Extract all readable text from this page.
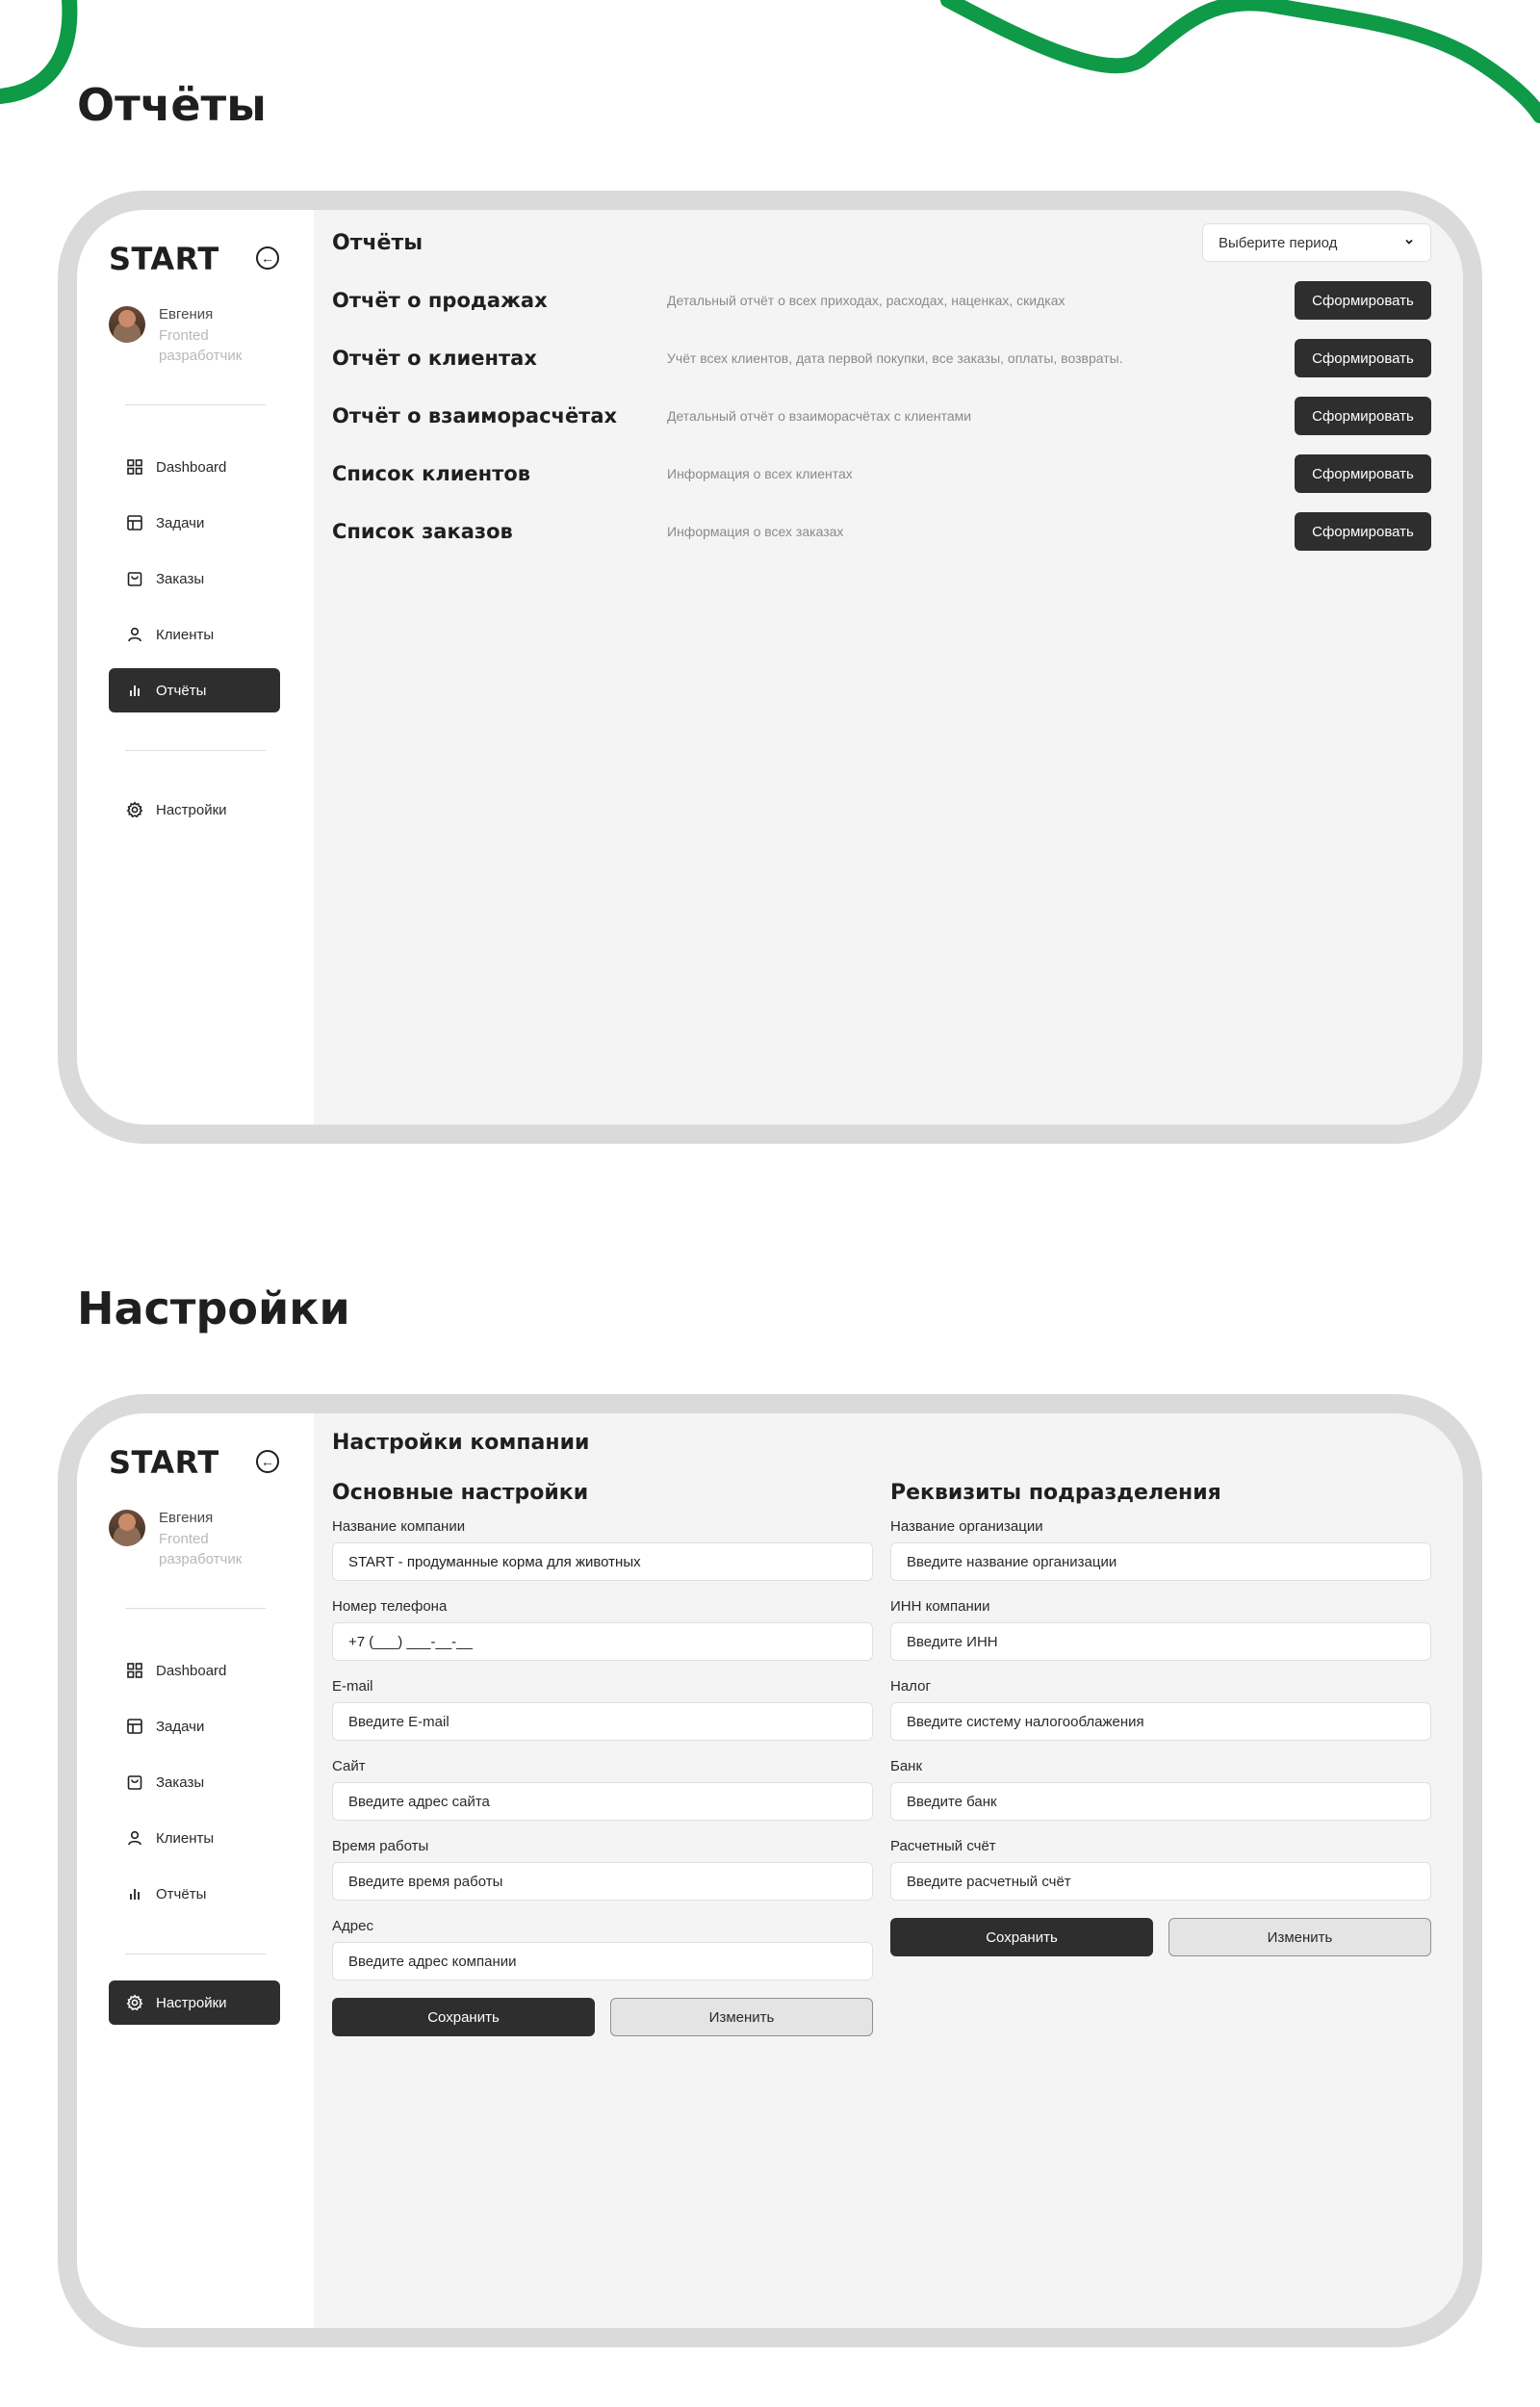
Отчёты
START	←
Евгения
Fronted разработчик
Dashboard
Задачи
Заказы
Клиенты
Отчёты
Настройки
Отчёты	Выберите период
Отчёт о продажах	Детальный отчёт о всех приходах, расходах, наценках, скидках	Сформировать
Отчёт о клиентах	Учёт всех клиентов, дата первой покупки, все заказы, оплаты, возвраты.	Сформировать
Отчёт о взаиморасчётах	Детальный отчёт о взаиморасчётах с клиентами	Сформировать
Список клиентов	Информация о всех клиентах	Сформировать
Список заказов	Информация о всех заказах	Сформировать
Настройки
START	←
Евгения
Fronted разработчик
Dashboard
Задачи
Заказы
Клиенты
Отчёты
Настройки
Настройки компании
Основные настройки
Название компании
START - продуманные корма для животных
Номер телефона
+7 (___) ___-__-__
E-mail
Введите E-mail
Сайт
Введите адрес сайта
Время работы
Введите время работы
Адрес
Введите адрес компании
Сохранить	Изменить
Реквизиты подразделения
Название организации
Введите название организации
ИНН компании
Введите ИНН
Налог
Введите систему налогооблажения
Банк
Введите банк
Расчетный счёт
Введите расчетный счёт
Сохранить	Изменить
